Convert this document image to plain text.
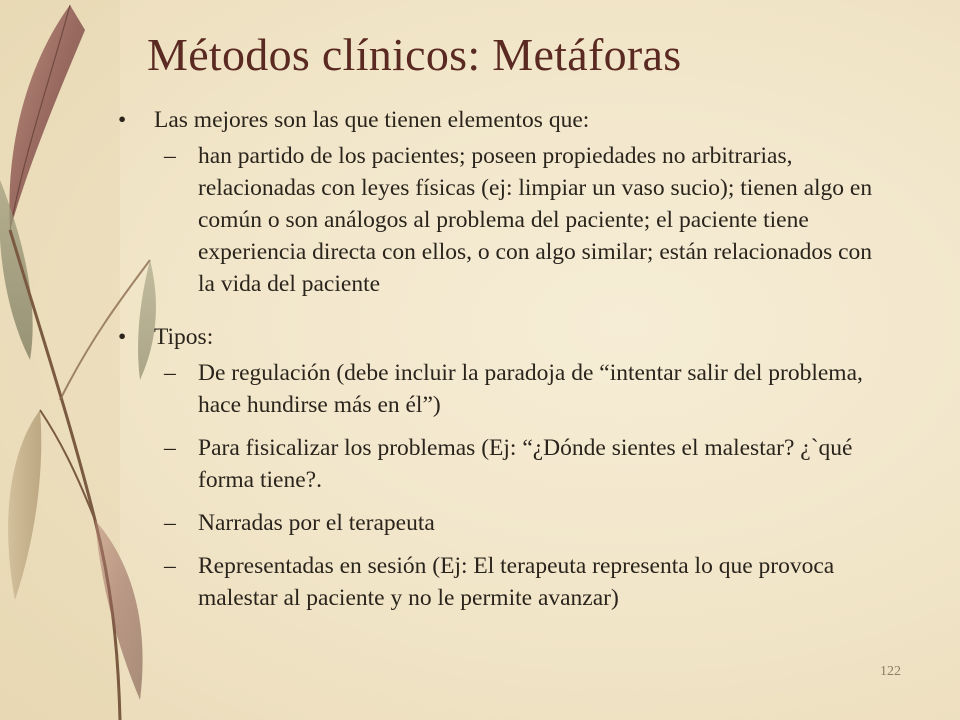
Métodos clínicos: Metáforas
• Las mejores son las que tienen elementos que:
– han partido de los pacientes; poseen propiedades no arbitrarias, relacionadas con leyes físicas (ej: limpiar un vaso sucio); tienen algo en común o son análogos al problema del paciente; el paciente tiene experiencia directa con ellos, o con algo similar; están relacionados con la vida del paciente
• Tipos:
– De regulación (debe incluir la paradoja de “intentar salir del problema, hace hundirse más en él”)
– Para fisicalizar los problemas (Ej: “¿Dónde sientes el malestar? ¿`qué forma tiene?.
– Narradas por el terapeuta
– Representadas en sesión (Ej: El terapeuta representa lo que provoca malestar al paciente y no le permite avanzar)
122
